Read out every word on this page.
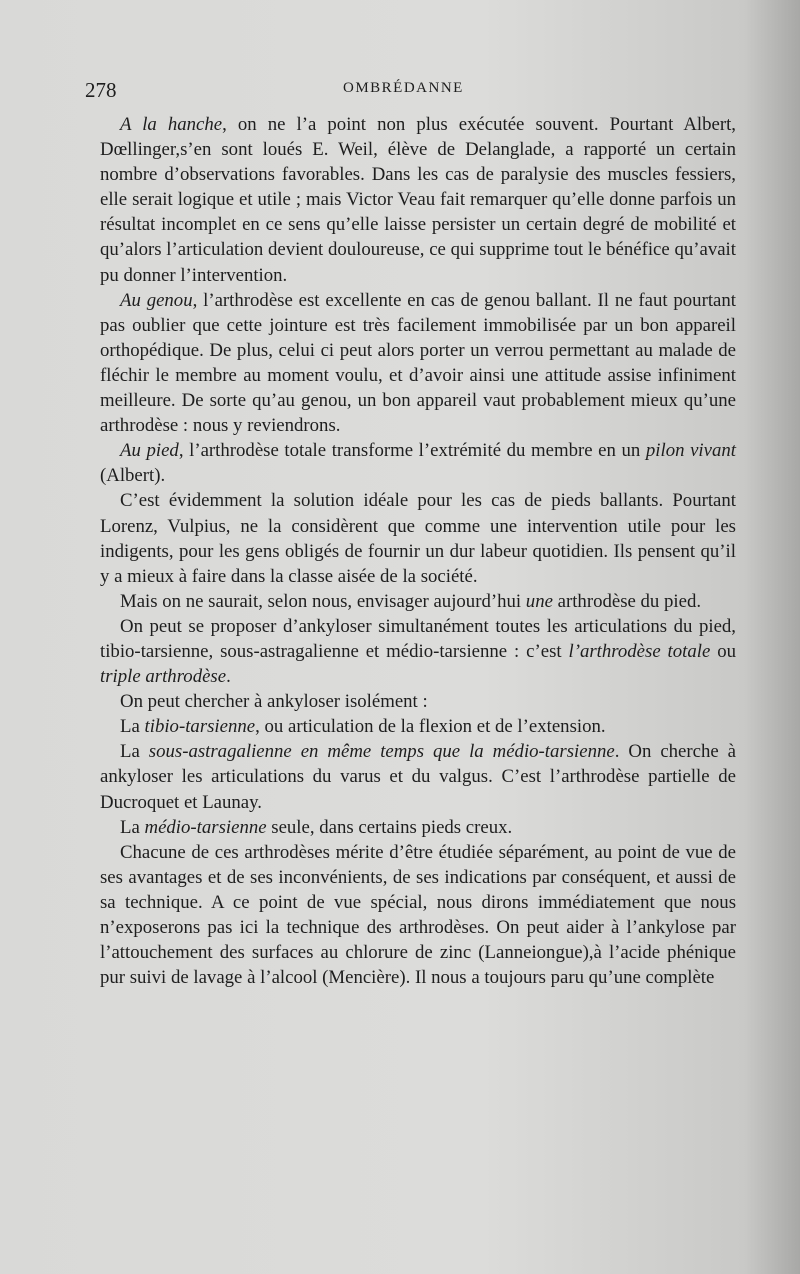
278	OMBRÉDANNE

A la hanche, on ne l’a point non plus exécutée souvent. Pourtant Albert, Dœllinger,s’en sont loués E. Weil, élève de Delanglade, a rapporté un certain nombre d’observations favorables. Dans les cas de paralysie des muscles fessiers, elle serait logique et utile ; mais Victor Veau fait remarquer qu’elle donne parfois un résultat incomplet en ce sens qu’elle laisse persister un certain degré de mobilité et qu’alors l’articulation devient douloureuse, ce qui supprime tout le bénéfice qu’avait pu donner l’intervention.

Au genou, l’arthrodèse est excellente en cas de genou ballant. Il ne faut pourtant pas oublier que cette jointure est très facilement immobilisée par un bon appareil orthopédique. De plus, celui ci peut alors porter un verrou permettant au malade de fléchir le membre au moment voulu, et d’avoir ainsi une attitude assise infiniment meilleure. De sorte qu’au genou, un bon appareil vaut probablement mieux qu’une arthrodèse : nous y reviendrons.

Au pied, l’arthrodèse totale transforme l’extrémité du membre en un pilon vivant (Albert).

C’est évidemment la solution idéale pour les cas de pieds ballants. Pourtant Lorenz, Vulpius, ne la considèrent que comme une intervention utile pour les indigents, pour les gens obligés de fournir un dur labeur quotidien. Ils pensent qu’il y a mieux à faire dans la classe aisée de la société.

Mais on ne saurait, selon nous, envisager aujourd’hui une arthrodèse du pied.

On peut se proposer d’ankyloser simultanément toutes les articulations du pied, tibio-tarsienne, sous-astragalienne et médio-tarsienne : c’est l’arthrodèse totale ou triple arthrodèse.

On peut chercher à ankyloser isolément :

La tibio-tarsienne, ou articulation de la flexion et de l’extension.

La sous-astragalienne en même temps que la médio-tarsienne. On cherche à ankyloser les articulations du varus et du valgus. C’est l’arthrodèse partielle de Ducroquet et Launay.

La médio-tarsienne seule, dans certains pieds creux.

Chacune de ces arthrodèses mérite d’être étudiée séparément, au point de vue de ses avantages et de ses inconvénients, de ses indications par conséquent, et aussi de sa technique. A ce point de vue spécial, nous dirons immédiatement que nous n’exposerons pas ici la technique des arthrodèses. On peut aider à l’ankylose par l’attouchement des surfaces au chlorure de zinc (Lanneiongue),à l’acide phénique pur suivi de lavage à l’alcool (Mencière). Il nous a toujours paru qu’une complète
